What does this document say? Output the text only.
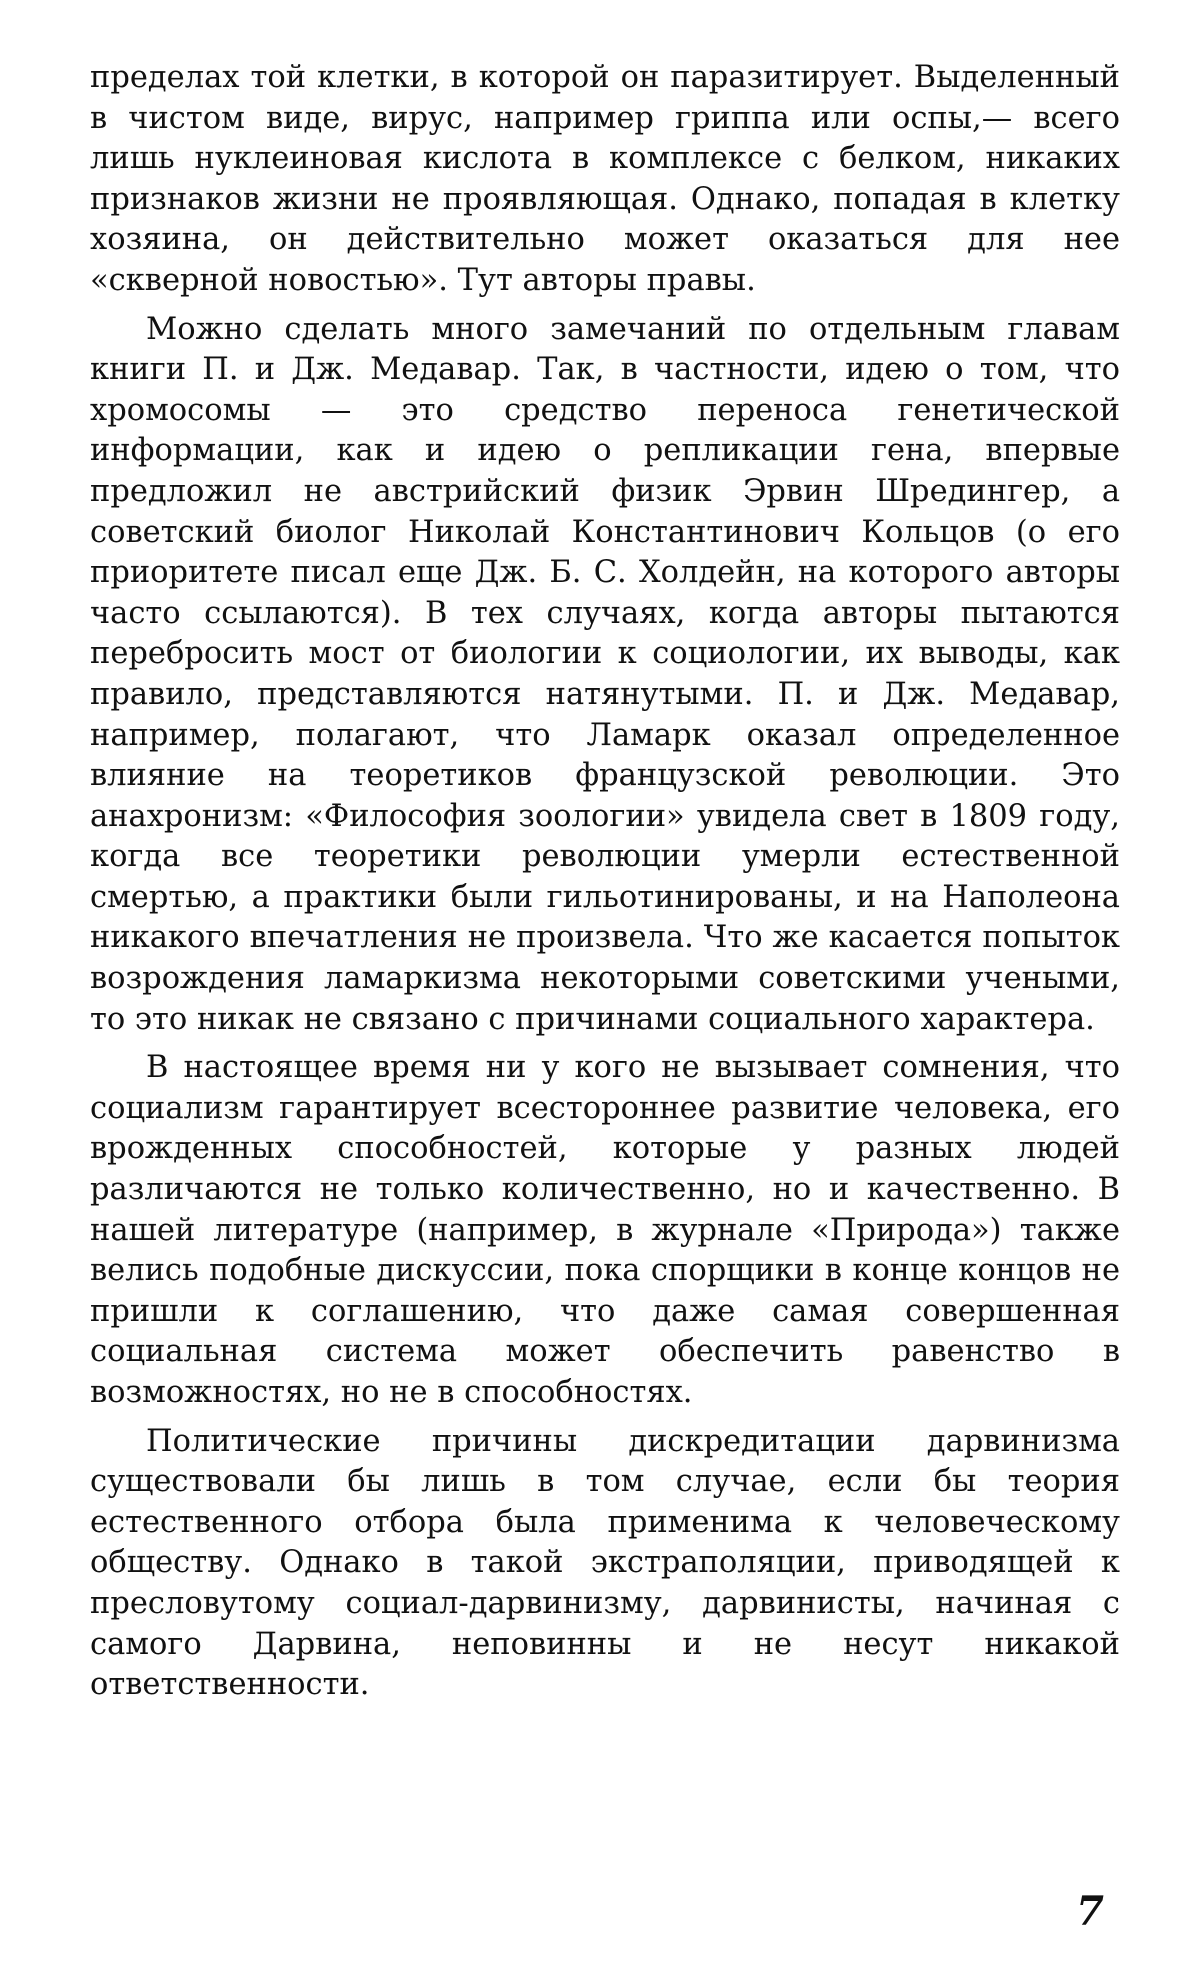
пределах той клетки, в которой он паразитирует. Выделенный в чистом виде, вирус, например гриппа или оспы,— всего лишь нуклеиновая кислота в комплексе с белком, никаких признаков жизни не проявляющая. Однако, попадая в клетку хозяина, он действительно может оказаться для нее «скверной новостью». Тут авторы правы.

Можно сделать много замечаний по отдельным главам книги П. и Дж. Медавар. Так, в частности, идею о том, что хромосомы — это средство переноса генетической информации, как и идею о репликации гена, впервые предложил не австрийский физик Эрвин Шредингер, а советский биолог Николай Константинович Кольцов (о его приоритете писал еще Дж. Б. С. Холдейн, на которого авторы часто ссылаются). В тех случаях, когда авторы пытаются перебросить мост от биологии к социологии, их выводы, как правило, представляются натянутыми. П. и Дж. Медавар, например, полагают, что Ламарк оказал определенное влияние на теоретиков французской революции. Это анахронизм: «Философия зоологии» увидела свет в 1809 году, когда все теоретики революции умерли естественной смертью, а практики были гильотинированы, и на Наполеона никакого впечатления не произвела. Что же касается попыток возрождения ламаркизма некоторыми советскими учеными, то это никак не связано с причинами социального характера.

В настоящее время ни у кого не вызывает сомнения, что социализм гарантирует всестороннее развитие человека, его врожденных способностей, которые у разных людей различаются не только количественно, но и качественно. В нашей литературе (например, в журнале «Природа») также велись подобные дискуссии, пока спорщики в конце концов не пришли к соглашению, что даже самая совершенная социальная система может обеспечить равенство в возможностях, но не в способностях.

Политические причины дискредитации дарвинизма существовали бы лишь в том случае, если бы теория естественного отбора была применима к человеческому обществу. Однако в такой экстраполяции, приводящей к пресловутому социал-дарвинизму, дарвинисты, начиная с самого Дарвина, неповинны и не несут никакой ответственности.

7
